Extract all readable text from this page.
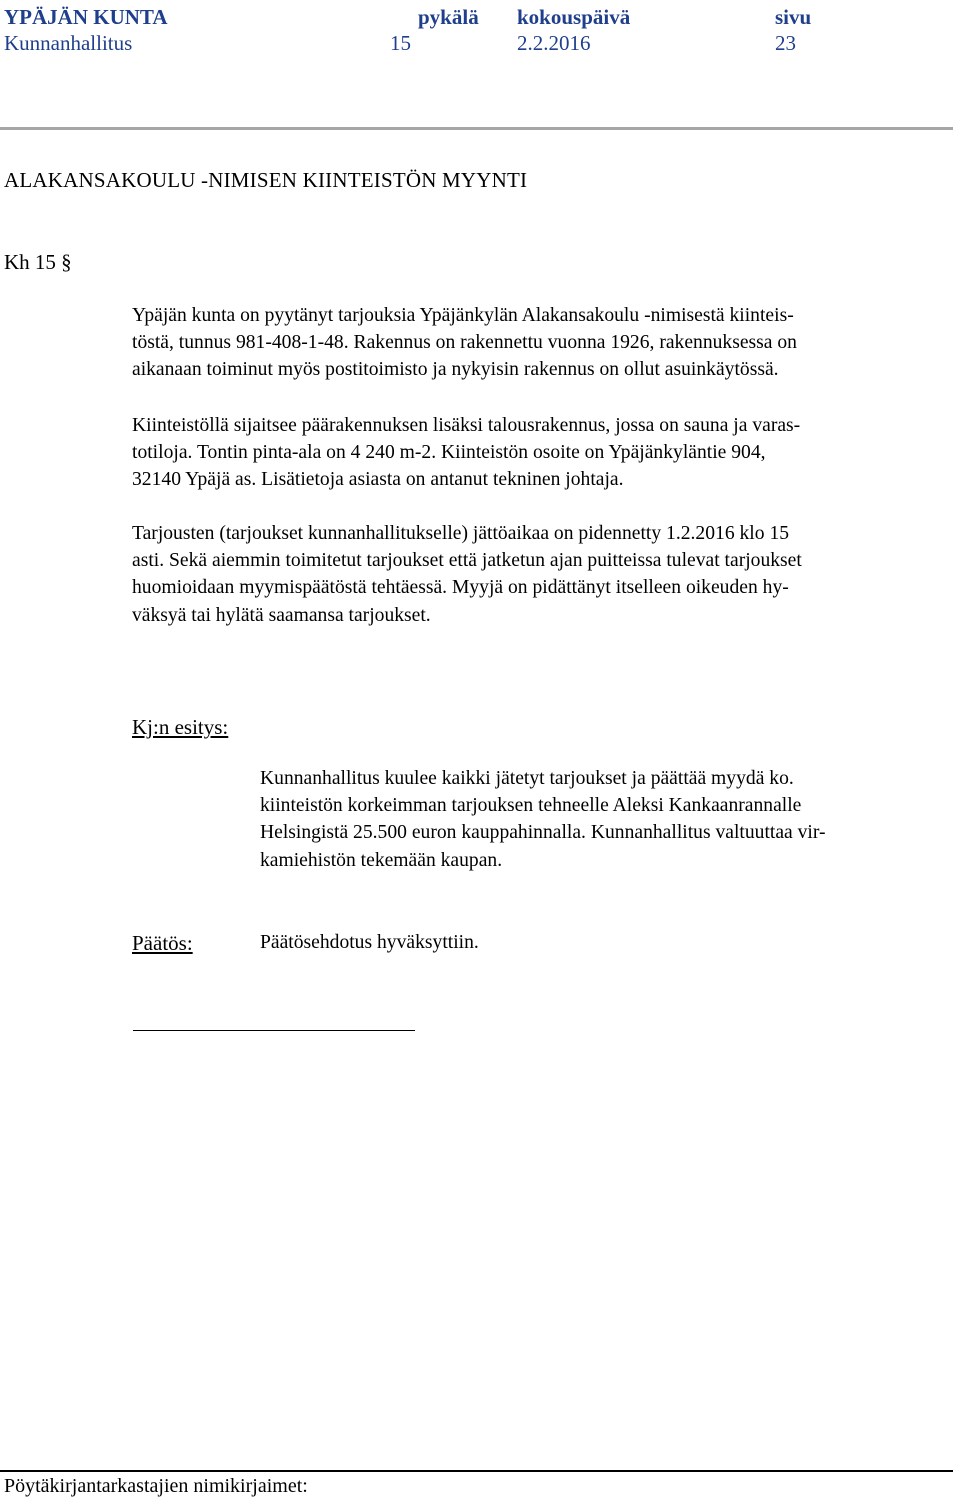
YPÄJÄN KUNTA	pykälä kokouspäivä	sivu
Kunnanhallitus	15	2.2.2016	23
ALAKANSAKOULU -NIMISEN KIINTEISTÖN MYYNTI
Kh 15 §
Ypäjän kunta on pyytänyt tarjouksia Ypäjänkylän Alakansakoulu -nimisestä kiinteis-
töstä, tunnus 981-408-1-48. Rakennus on rakennettu vuonna 1926, rakennuksessa on
aikanaan toiminut myös postitoimisto ja nykyisin rakennus on ollut asuinkäytössä.
Kiinteistöllä sijaitsee päärakennuksen lisäksi talousrakennus, jossa on sauna ja varas-
totiloja. Tontin pinta-ala on 4 240 m-2. Kiinteistön osoite on Ypäjänkyläntie 904,
32140 Ypäjä as. Lisätietoja asiasta on antanut tekninen johtaja.
Tarjousten (tarjoukset kunnanhallitukselle) jättöaikaa on pidennetty 1.2.2016 klo 15
asti. Sekä aiemmin toimitetut tarjoukset että jatketun ajan puitteissa tulevat tarjoukset
huomioidaan myymispäätöstä tehtäessä. Myyjä on pidättänyt itselleen oikeuden hy-
väksyä tai hylätä saamansa tarjoukset.
Kj:n esitys:
Kunnanhallitus kuulee kaikki jätetyt tarjoukset ja päättää myydä ko.
kiinteistön korkeimman tarjouksen tehneelle Aleksi Kankaanrannalle
Helsingistä 25.500 euron kauppahinnalla. Kunnanhallitus valtuuttaa vir-
kamiehistön tekemään kaupan.
Päätös:	Päätösehdotus hyväksyttiin.
Pöytäkirjantarkastajien nimikirjaimet:
